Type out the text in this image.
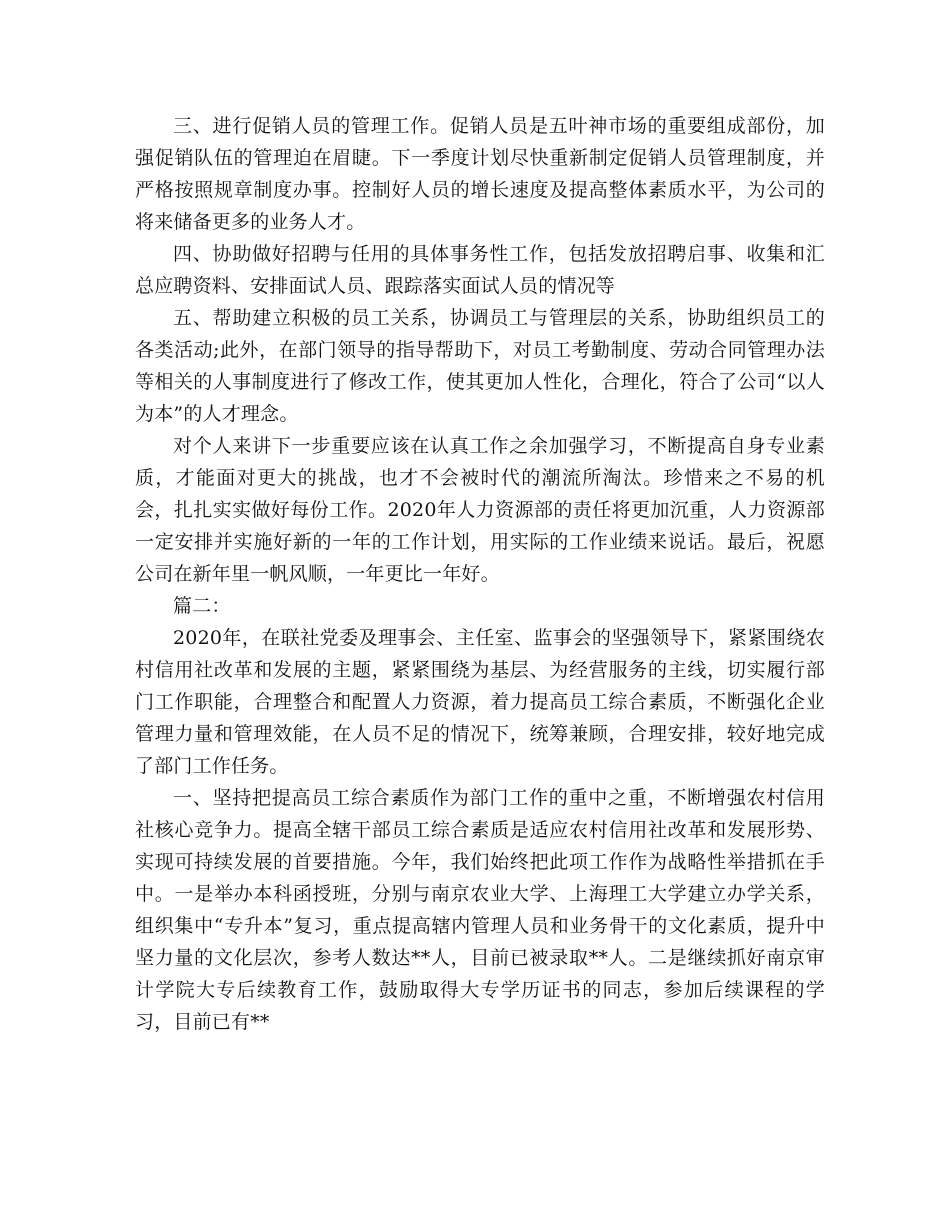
三、进行促销人员的管理工作。促销人员是五叶神市场的重要组成部份，加强促销队伍的管理迫在眉睫。下一季度计划尽快重新制定促销人员管理制度，并严格按照规章制度办事。控制好人员的增长速度及提高整体素质水平，为公司的将来储备更多的业务人才。

四、协助做好招聘与任用的具体事务性工作，包括发放招聘启事、收集和汇总应聘资料、安排面试人员、跟踪落实面试人员的情况等

五、帮助建立积极的员工关系，协调员工与管理层的关系，协助组织员工的各类活动;此外，在部门领导的指导帮助下，对员工考勤制度、劳动合同管理办法等相关的人事制度进行了修改工作，使其更加人性化，合理化，符合了公司“以人为本”的人才理念。

对个人来讲下一步重要应该在认真工作之余加强学习，不断提高自身专业素质，才能面对更大的挑战，也才不会被时代的潮流所淘汰。珍惜来之不易的机会，扎扎实实做好每份工作。2020年人力资源部的责任将更加沉重，人力资源部一定安排并实施好新的一年的工作计划，用实际的工作业绩来说话。最后，祝愿公司在新年里一帆风顺，一年更比一年好。

篇二：

2020年，在联社党委及理事会、主任室、监事会的坚强领导下，紧紧围绕农村信用社改革和发展的主题，紧紧围绕为基层、为经营服务的主线，切实履行部门工作职能，合理整合和配置人力资源，着力提高员工综合素质，不断强化企业管理力量和管理效能，在人员不足的情况下，统筹兼顾，合理安排，较好地完成了部门工作任务。

一、坚持把提高员工综合素质作为部门工作的重中之重，不断增强农村信用社核心竞争力。提高全辖干部员工综合素质是适应农村信用社改革和发展形势、实现可持续发展的首要措施。今年，我们始终把此项工作作为战略性举措抓在手中。一是举办本科函授班，分别与南京农业大学、上海理工大学建立办学关系，组织集中“专升本”复习，重点提高辖内管理人员和业务骨干的文化素质，提升中坚力量的文化层次，参考人数达**人，目前已被录取**人。二是继续抓好南京审计学院大专后续教育工作，鼓励取得大专学历证书的同志，参加后续课程的学习，目前已有**
